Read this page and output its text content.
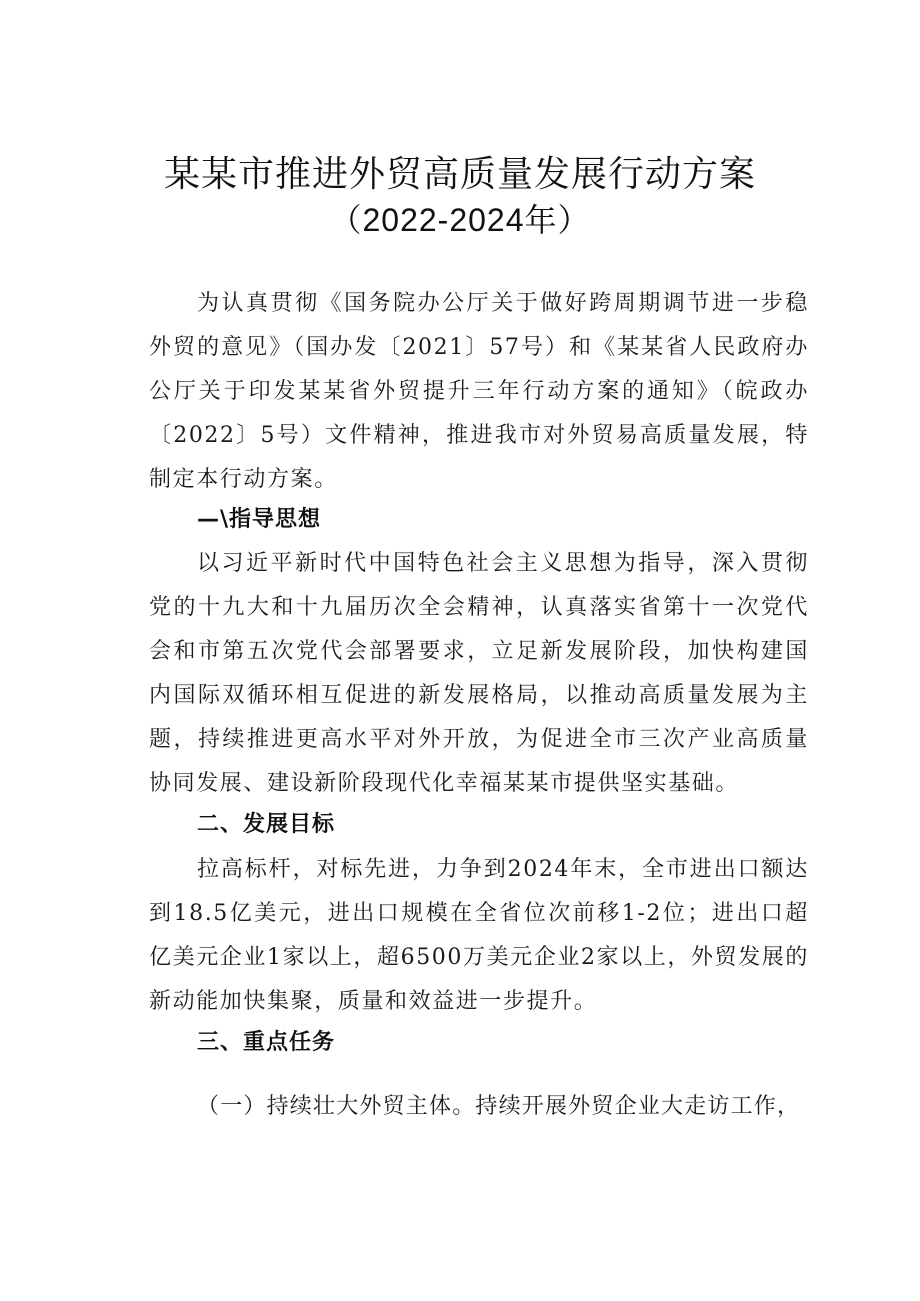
某某市推进外贸高质量发展行动方案
（2022-2024年）

为认真贯彻《国务院办公厅关于做好跨周期调节进一步稳外贸的意见》（国办发〔2021〕57号）和《某某省人民政府办公厅关于印发某某省外贸提升三年行动方案的通知》（皖政办〔2022〕5号）文件精神，推进我市对外贸易高质量发展，特制定本行动方案。

—\指导思想

以习近平新时代中国特色社会主义思想为指导，深入贯彻党的十九大和十九届历次全会精神，认真落实省第十一次党代会和市第五次党代会部署要求，立足新发展阶段，加快构建国内国际双循环相互促进的新发展格局，以推动高质量发展为主题，持续推进更高水平对外开放，为促进全市三次产业高质量协同发展、建设新阶段现代化幸福某某市提供坚实基础。

二、发展目标

拉高标杆，对标先进，力争到2024年末，全市进出口额达到18.5亿美元，进出口规模在全省位次前移1-2位；进出口超亿美元企业1家以上，超6500万美元企业2家以上，外贸发展的新动能加快集聚，质量和效益进一步提升。

三、重点任务

（一）持续壮大外贸主体。持续开展外贸企业大走访工作，
